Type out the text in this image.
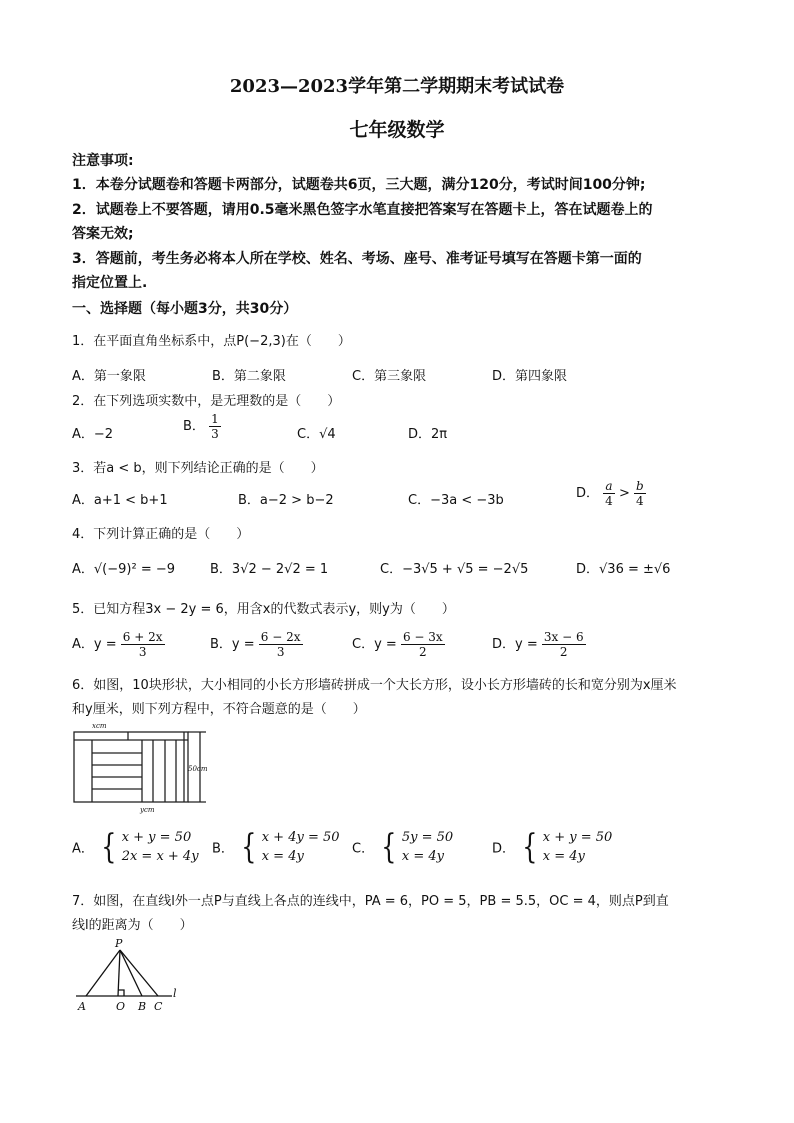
2023—2023学年第二学期期末考试试卷
七年级数学
注意事项:
1．本卷分试题卷和答题卡两部分，试题卷共6页，三大题，满分120分，考试时间100分钟;
2．试题卷上不要答题，请用0.5毫米黑色签字水笔直接把答案写在答题卡上，答在试题卷上的
答案无效;
3．答题前，考生务必将本人所在学校、姓名、考场、座号、准考证号填写在答题卡第一面的
指定位置上.
一、选择题（每小题3分，共30分）
1．在平面直角坐标系中，点P(−2,3)在（　　）
A．第一象限	B．第二象限	C．第三象限	D．第四象限
2．在下列选项实数中，是无理数的是（　　）
A．−2
B． $\frac{1}{3}$	C．√4	D．2π
3．若a < b，则下列结论正确的是（　　）
A．a+1 < b+1	B．a−2 > b−2	C．−3a < −3b	D． $\frac{a}{4} > \frac{b}{4}$
4．下列计算正确的是（　　）
A．√(−9)² = −9	B．3√2 − 2√2 = 1	C．−3√5 + √5 = −2√5	D．√36 = ±√6
5．已知方程3x − 2y = 6，用含x的代数式表示y，则y为（　　）
A．$y = \frac{6 + 2x}{3}$	B．$y = \frac{6 - 2x}{3}$	C．$y = \frac{6 - 3x}{2}$	D．$y = \frac{3x - 6}{2}$
6．如图，10块形状，大小相同的小长方形墙砖拼成一个大长方形，设小长方形墙砖的长和宽分别为x厘米
和y厘米，则下列方程中，不符合题意的是（　　）
xcm
50cm
ycm
A． { x + y = 50
2x = x + 4y B． { x + 4y = 50
x = 4y	C． { 5y = 50
x = 4y	D． { x + y = 50
x = 4y
7．如图，在直线l外一点P与直线上各点的连线中，PA = 6，PO = 5，PB = 5.5，OC = 4，则点P到直
线l的距离为（　　）
P
A	O B C
l
